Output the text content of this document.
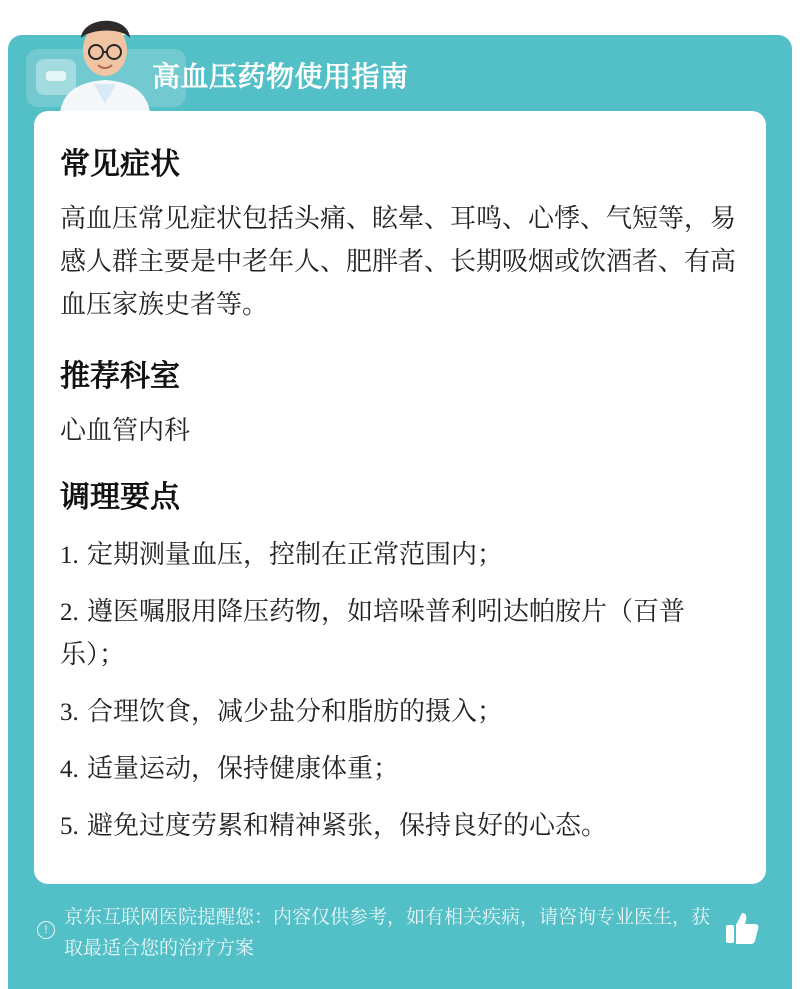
高血压药物使用指南
常见症状
高血压常见症状包括头痛、眩晕、耳鸣、心悸、气短等，易感人群主要是中老年人、肥胖者、长期吸烟或饮酒者、有高血压家族史者等。
推荐科室
心血管内科
调理要点
1. 定期测量血压，控制在正常范围内；
2. 遵医嘱服用降压药物，如培哚普利吲达帕胺片（百普乐）；
3. 合理饮食，减少盐分和脂肪的摄入；
4. 适量运动，保持健康体重；
5. 避免过度劳累和精神紧张，保持良好的心态。
!
京东互联网医院提醒您：内容仅供参考，如有相关疾病，请咨询专业医生，获取最适合您的治疗方案
